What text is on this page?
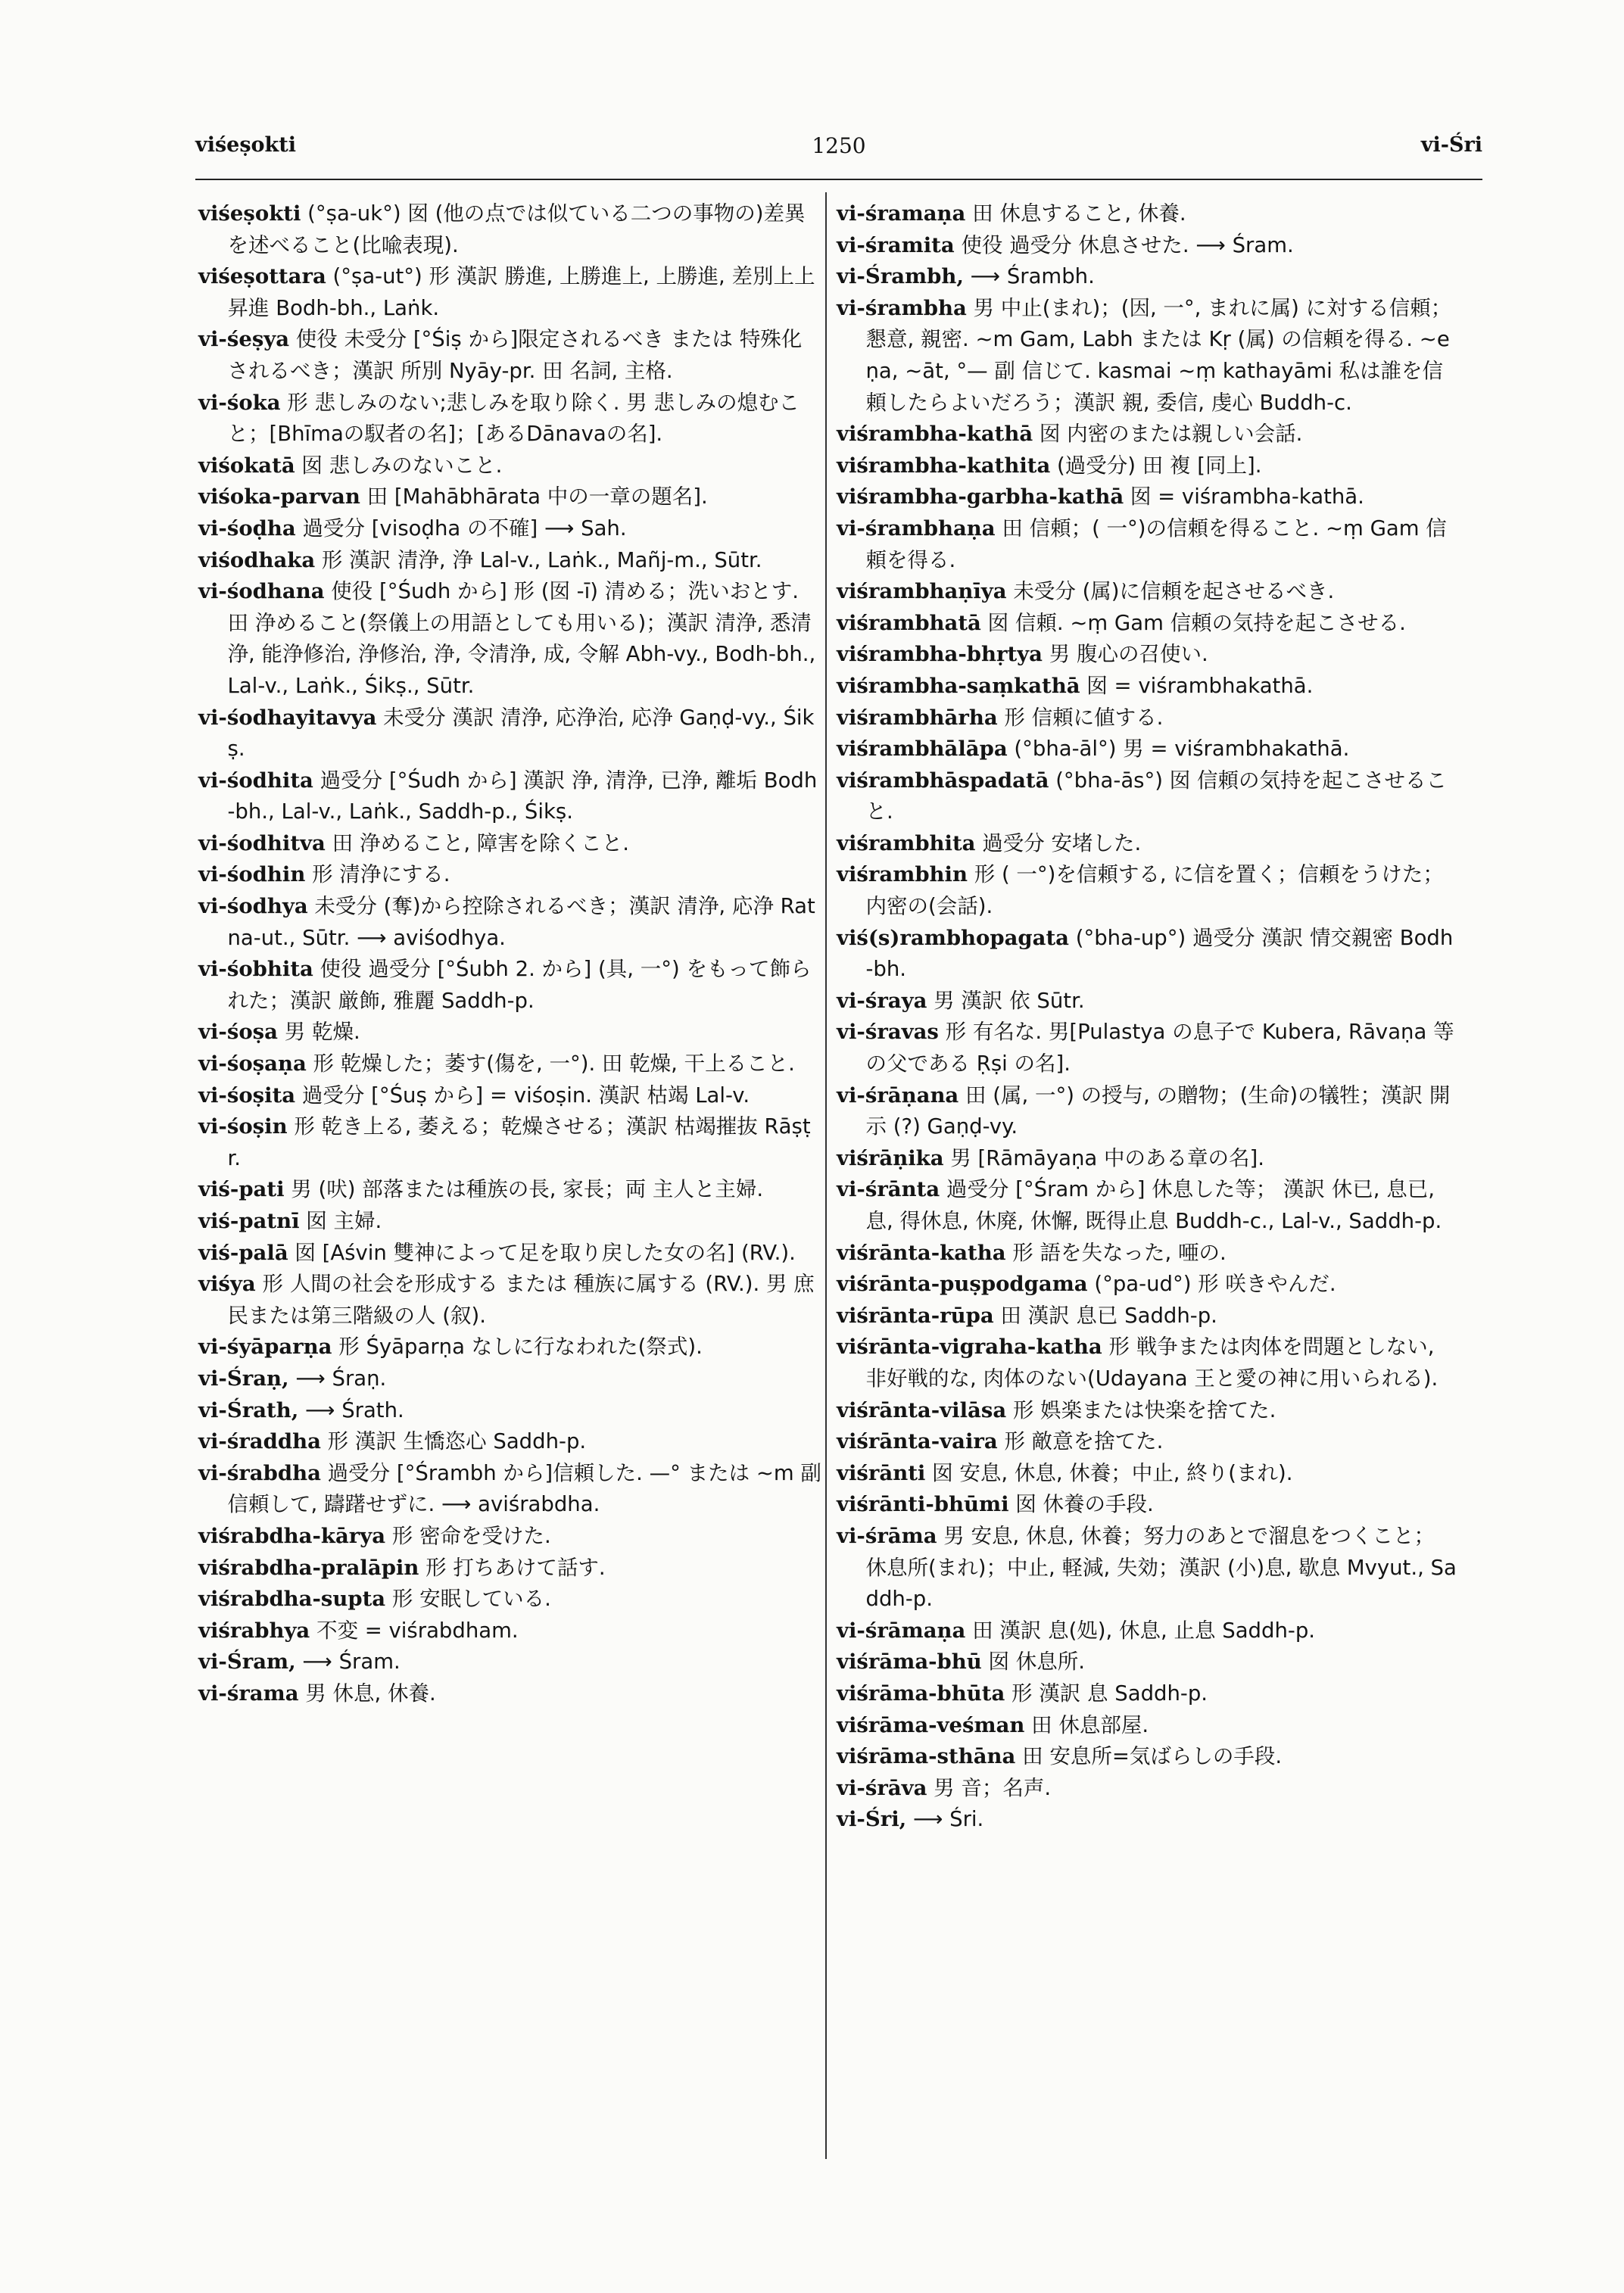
1250
viśeṣokti	vi-Śri
viśeṣokti (°ṣa-uk°) 囡 (他の点では似ている二つの事物の)差異を述べること(比喩表現).
viśeṣottara (°ṣa-ut°) 形 漢訳 勝進, 上勝進上, 上勝進, 差別上上昇進 Bodh-bh., Laṅk.
vi-śeṣya 使役 未受分 [°Śiṣ から]限定されるべき または 特殊化されるべき；漢訳 所別 Nyāy-pr. 田 名詞, 主格.
vi-śoka 形 悲しみのない;悲しみを取り除く. 男 悲しみの熄むこと；[Bhīmaの馭者の名]；[あるDānavaの名].
viśokatā 囡 悲しみのないこと.
viśoka-parvan 田 [Mahābhārata 中の一章の題名].
vi-śoḍha 過受分 [visoḍha の不確] ⟶ Sah.
viśodhaka 形 漢訳 清浄, 浄 Lal-v., Laṅk., Mañj-m., Sūtr.
vi-śodhana 使役 [°Śudh から] 形 (囡 -ī) 清める；洗いおとす. 田 浄めること(祭儀上の用語としても用いる)；漢訳 清浄, 悉清浄, 能浄修治, 浄修治, 浄, 令清浄, 成, 令解 Abh-vy., Bodh-bh., Lal-v., Laṅk., Śikṣ., Sūtr.
vi-śodhayitavya 未受分 漢訳 清浄, 応浄治, 応浄 Gaṇḍ-vy., Śikṣ.
vi-śodhita 過受分 [°Śudh から] 漢訳 浄, 清浄, 已浄, 離垢 Bodh-bh., Lal-v., Laṅk., Saddh-p., Śikṣ.
vi-śodhitva 田 浄めること, 障害を除くこと.
vi-śodhin 形 清浄にする.
vi-śodhya 未受分 (奪)から控除されるべき；漢訳 清浄, 応浄 Ratna-ut., Sūtr. ⟶ aviśodhya.
vi-śobhita 使役 過受分 [°Śubh 2. から] (具, 一°) をもって飾られた；漢訳 厳飾, 雅麗 Saddh-p.
vi-śoṣa 男 乾燥.
vi-śoṣaṇa 形 乾燥した；萎す(傷を, 一°). 田 乾燥, 干上ること.
vi-śoṣita 過受分 [°Śuṣ から] = viśoṣin. 漢訳 枯竭 Lal-v.
vi-śoṣin 形 乾き上る, 萎える；乾燥させる；漢訳 枯竭摧抜 Rāṣṭr.
viś-pati 男 (吠) 部落または種族の長, 家長；両 主人と主婦.
viś-patnī 囡 主婦.
viś-palā 囡 [Aśvin 雙神によって足を取り戻した女の名] (RV.).
viśya 形 人間の社会を形成する または 種族に属する (RV.). 男 庶民または第三階級の人 (叙).
vi-śyāparṇa 形 Śyāparṇa なしに行なわれた(祭式).
vi-Śraṇ, ⟶ Śraṇ.
vi-Śrath, ⟶ Śrath.
vi-śraddha 形 漢訳 生憍恣心 Saddh-p.
vi-śrabdha 過受分 [°Śrambh から]信頼した. —° または ~m 副 信頼して, 躊躇せずに. ⟶ aviśrabdha.
viśrabdha-kārya 形 密命を受けた.
viśrabdha-pralāpin 形 打ちあけて話す.
viśrabdha-supta 形 安眠している.
viśrabhya 不変 = viśrabdham.
vi-Śram, ⟶ Śram.
vi-śrama 男 休息, 休養.
vi-śramaṇa 田 休息すること, 休養.
vi-śramita 使役 過受分 休息させた. ⟶ Śram.
vi-Śrambh, ⟶ Śrambh.
vi-śrambha 男 中止(まれ)；(因, 一°, まれに属) に対する信頼；懇意, 親密. ~m Gam, Labh または Kṛ (属) の信頼を得る. ~eṇa, ~āt, °— 副 信じて. kasmai ~ṃ kathayāmi 私は誰を信頼したらよいだろう；漢訳 親, 委信, 虔心 Buddh-c.
viśrambha-kathā 囡 内密のまたは親しい会話.
viśrambha-kathita (過受分) 田 複 [同上].
viśrambha-garbha-kathā 囡 = viśrambha-kathā.
vi-śrambhaṇa 田 信頼；( 一°)の信頼を得ること. ~ṃ Gam 信頼を得る.
viśrambhaṇīya 未受分 (属)に信頼を起させるべき.
viśrambhatā 囡 信頼. ~ṃ Gam 信頼の気持を起こさせる.
viśrambha-bhṛtya 男 腹心の召使い.
viśrambha-saṃkathā 囡 = viśrambhakathā.
viśrambhārha 形 信頼に値する.
viśrambhālāpa (°bha-āl°) 男 = viśrambhakathā.
viśrambhāspadatā (°bha-ās°) 囡 信頼の気持を起こさせること.
viśrambhita 過受分 安堵した.
viśrambhin 形 ( 一°)を信頼する, に信を置く；信頼をうけた；内密の(会話).
viś(s)rambhopagata (°bha-up°) 過受分 漢訳 情交親密 Bodh-bh.
vi-śraya 男 漢訳 依 Sūtr.
vi-śravas 形 有名な. 男[Pulastya の息子で Kubera, Rāvaṇa 等の父である Ṛṣi の名].
vi-śrāṇana 田 (属, 一°) の授与, の贈物；(生命)の犠牲；漢訳 開示 (?) Gaṇḍ-vy.
viśrāṇika 男 [Rāmāyaṇa 中のある章の名].
vi-śrānta 過受分 [°Śram から] 休息した等； 漢訳 休已, 息已, 息, 得休息, 休廃, 休懈, 既得止息 Buddh-c., Lal-v., Saddh-p.
viśrānta-katha 形 語を失なった, 唖の.
viśrānta-puṣpodgama (°pa-ud°) 形 咲きやんだ.
viśrānta-rūpa 田 漢訳 息已 Saddh-p.
viśrānta-vigraha-katha 形 戦争または肉体を問題としない, 非好戦的な, 肉体のない(Udayana 王と愛の神に用いられる).
viśrānta-vilāsa 形 娯楽または快楽を捨てた.
viśrānta-vaira 形 敵意を捨てた.
viśrānti 囡 安息, 休息, 休養；中止, 終り(まれ).
viśrānti-bhūmi 囡 休養の手段.
vi-śrāma 男 安息, 休息, 休養；努力のあとで溜息をつくこと； 休息所(まれ)；中止, 軽減, 失効；漢訳 (小)息, 歇息 Mvyut., Saddh-p.
vi-śrāmaṇa 田 漢訳 息(処), 休息, 止息 Saddh-p.
viśrāma-bhū 囡 休息所.
viśrāma-bhūta 形 漢訳 息 Saddh-p.
viśrāma-veśman 田 休息部屋.
viśrāma-sthāna 田 安息所=気ばらしの手段.
vi-śrāva 男 音；名声.
vi-Śri, ⟶ Śri.
